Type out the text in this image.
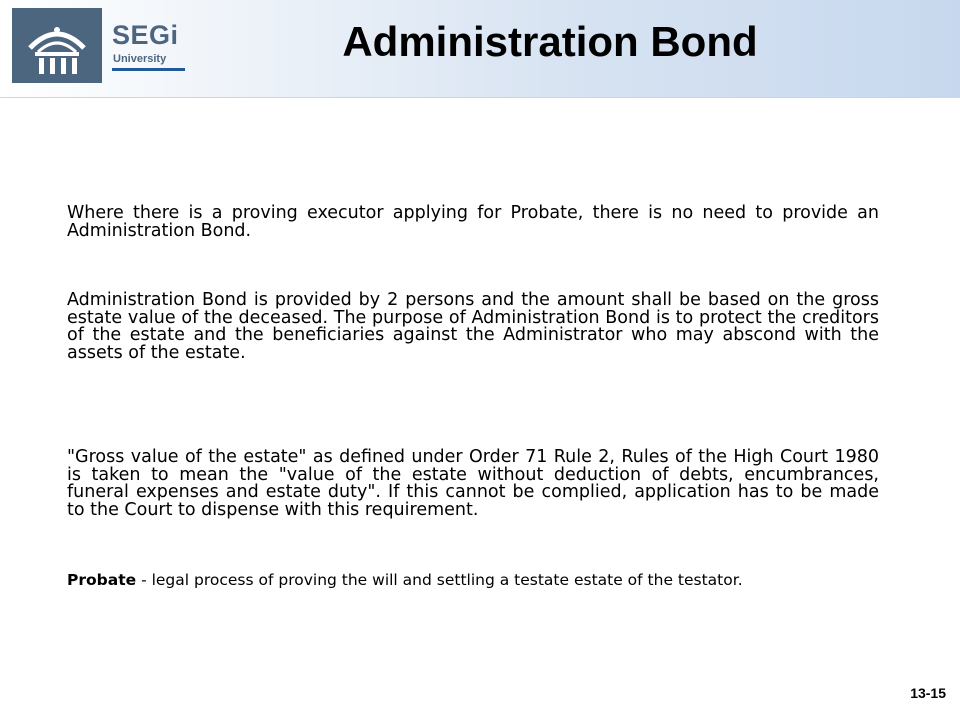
SEGi
University	Administration Bond

Where there is a proving executor applying for Probate, there is no need to provide an Administration Bond.

Administration Bond is provided by 2 persons and the amount shall be based on the gross estate value of the deceased. The purpose of Administration Bond is to protect the creditors of the estate and the beneficiaries against the Administrator who may abscond with the assets of the estate.

"Gross value of the estate" as defined under Order 71 Rule 2, Rules of the High Court 1980 is taken to mean the "value of the estate without deduction of debts, encumbrances, funeral expenses and estate duty". If this cannot be complied, application has to be made to the Court to dispense with this requirement.

Probate - legal process of proving the will and settling a testate estate of the testator.

13-15
